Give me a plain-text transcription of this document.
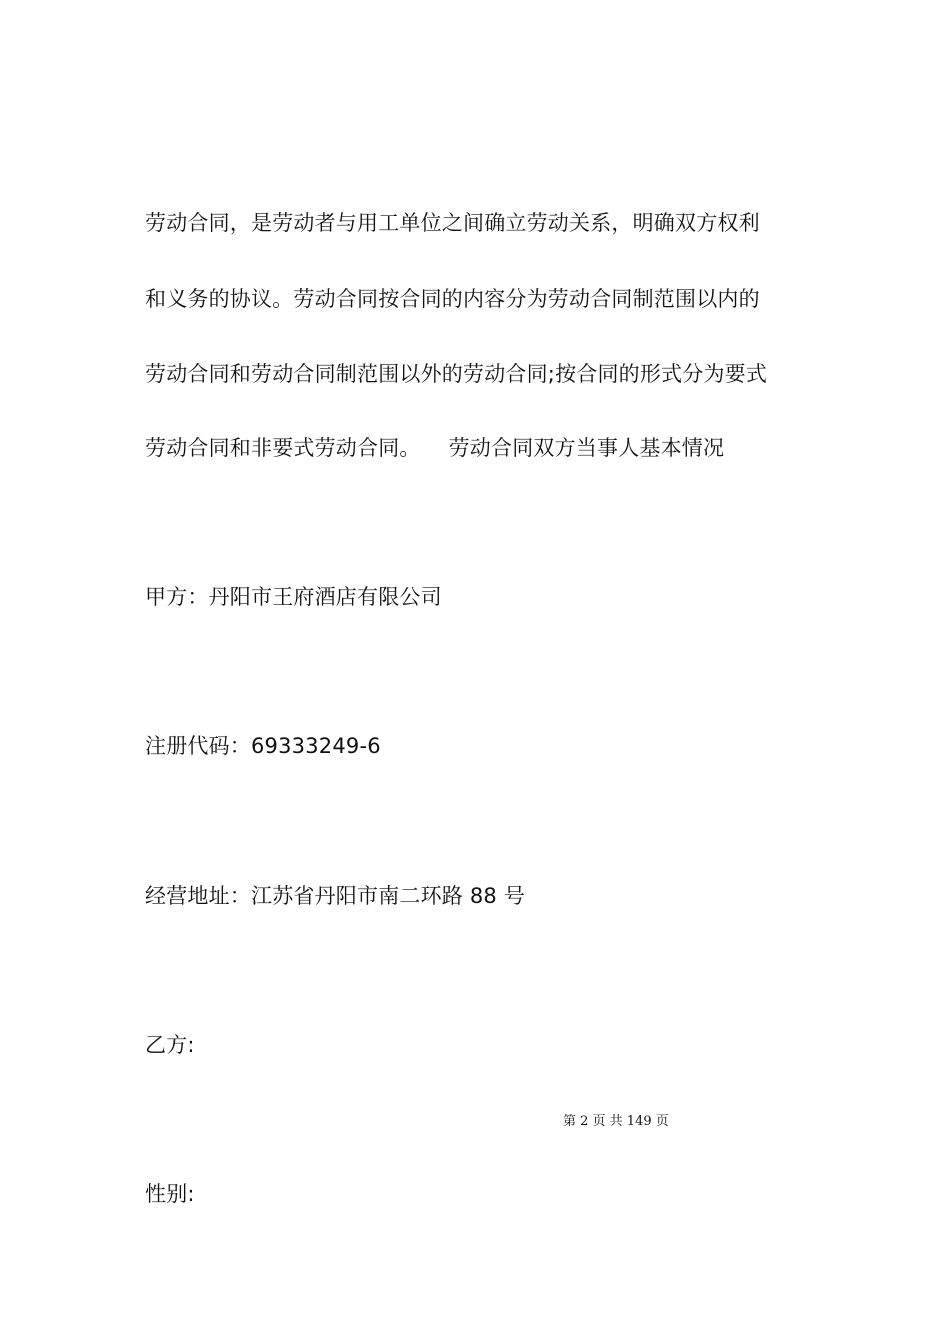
劳动合同，是劳动者与用工单位之间确立劳动关系，明确双方权利
和义务的协议。劳动合同按合同的内容分为劳动合同制范围以内的
劳动合同和劳动合同制范围以外的劳动合同;按合同的形式分为要式
劳动合同和非要式劳动合同。 劳动合同双方当事人基本情况
甲方：丹阳市王府酒店有限公司
注册代码：69333249-6
经营地址：江苏省丹阳市南二环路 88 号
乙方:
第 2 页 共 149 页
性别:
